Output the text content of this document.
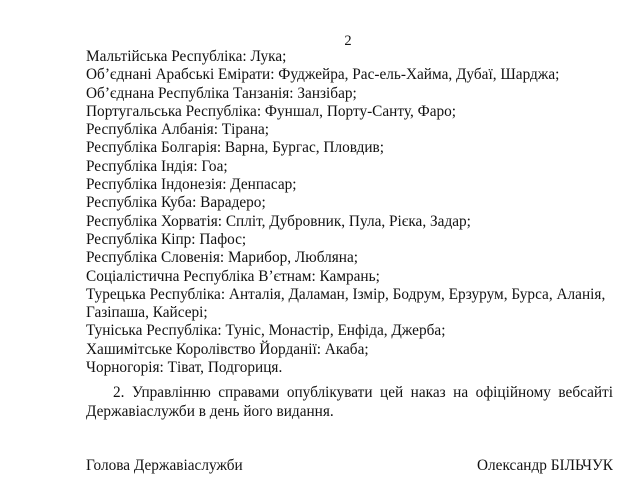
2
Мальтійська Республіка: Лука;
Об’єднані Арабські Емірати: Фуджейра, Рас-ель-Хайма, Дубаї, Шарджа;
Об’єднана Республіка Танзанія: Занзібар;
Португальська Республіка: Фуншал, Порту-Санту, Фаро;
Республіка Албанія: Тірана;
Республіка Болгарія: Варна, Бургас, Пловдив;
Республіка Індія: Гоа;
Республіка Індонезія: Денпасар;
Республіка Куба: Варадеро;
Республіка Хорватія: Спліт, Дубровник, Пула, Рієка, Задар;
Республіка Кіпр: Пафос;
Республіка Словенія: Марибор, Любляна;
Соціалістична Республіка В’єтнам: Камрань;
Турецька Республіка: Анталія, Даламан, Ізмір, Бодрум, Ерзурум, Бурса, Аланія,
Газіпаша, Кайсері;
Туніська Республіка: Туніс, Монастір, Енфіда, Джерба;
Хашимітське Королівство Йорданії: Акаба;
Чорногорія: Тіват, Подгориця.

2. Управлінню справами опублікувати цей наказ на офіційному вебсайті Державіаслужби в день його видання.

Голова Державіаслужби	Олександр БІЛЬЧУК
